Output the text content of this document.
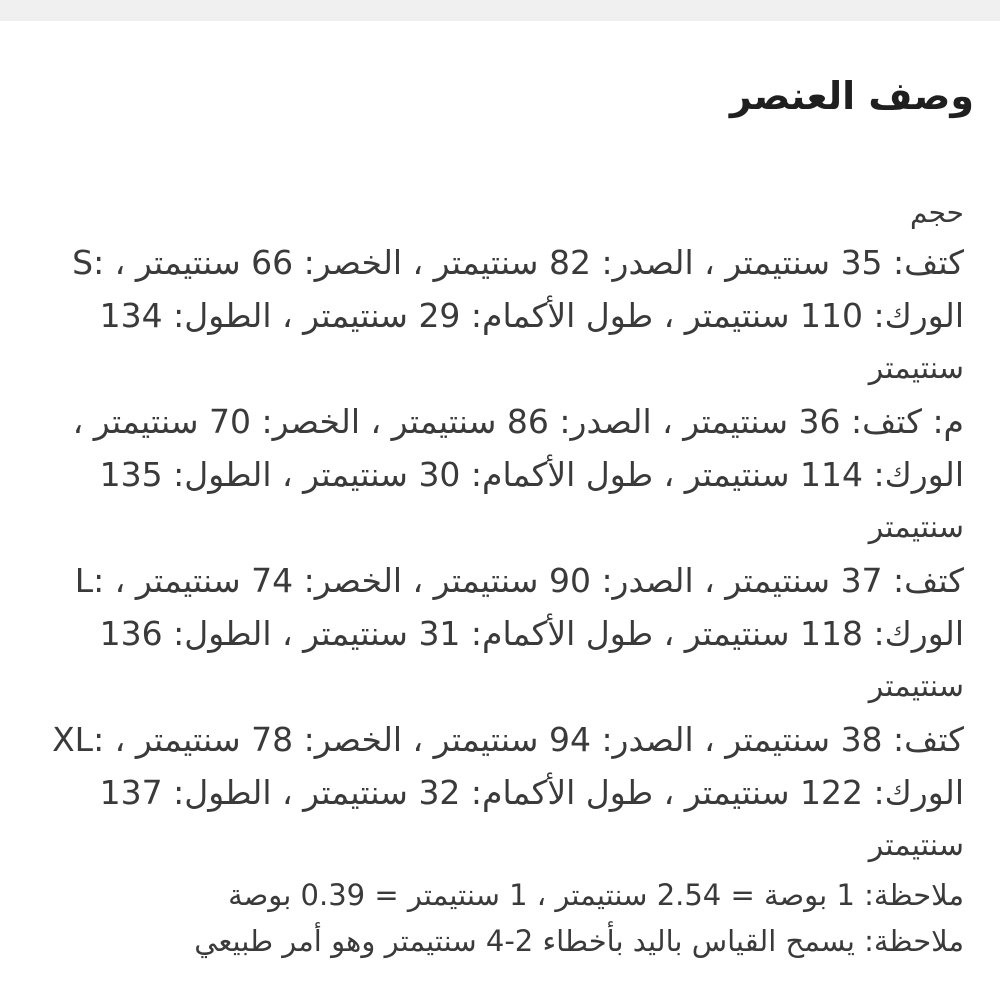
وصف العنصر
حجم
كتف: 35 سنتيمتر ، الصدر: 82 سنتيمتر ، الخصر: 66 سنتيمتر ، :S
الورك: 110 سنتيمتر ، طول الأكمام: 29 سنتيمتر ، الطول: 134
سنتيمتر
م: كتف: 36 سنتيمتر ، الصدر: 86 سنتيمتر ، الخصر: 70 سنتيمتر ،
الورك: 114 سنتيمتر ، طول الأكمام: 30 سنتيمتر ، الطول: 135
سنتيمتر
كتف: 37 سنتيمتر ، الصدر: 90 سنتيمتر ، الخصر: 74 سنتيمتر ، :L
الورك: 118 سنتيمتر ، طول الأكمام: 31 سنتيمتر ، الطول: 136
سنتيمتر
كتف: 38 سنتيمتر ، الصدر: 94 سنتيمتر ، الخصر: 78 سنتيمتر ، :XL
الورك: 122 سنتيمتر ، طول الأكمام: 32 سنتيمتر ، الطول: 137
سنتيمتر
ملاحظة: 1 بوصة = 2.54 سنتيمتر ، 1 سنتيمتر = 0.39 بوصة
ملاحظة: يسمح القياس باليد بأخطاء 2-4 سنتيمتر وهو أمر طبيعي
